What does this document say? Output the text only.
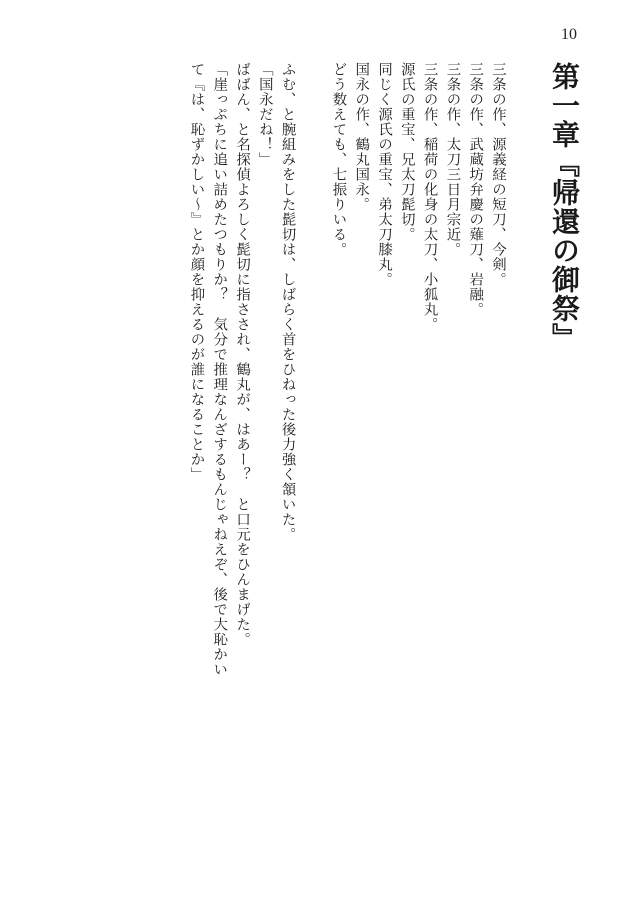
10
第一章『帰還の御祭』
三条の作、源義経の短刀、今剣。
三条の作、武蔵坊弁慶の薙刀、岩融。
三条の作、太刀三日月宗近。
三条の作、稲荷の化身の太刀、小狐丸。
源氏の重宝、兄太刀髭切。
同じく源氏の重宝、弟太刀膝丸。
国永の作、鶴丸国永。
どう数えても、七振りいる。
ふむ、と腕組みをした髭切は、しばらく首をひねった後力強く頷いた。
「国永だね！」
ばばん、と名探偵よろしく髭切に指さされ、鶴丸が、はあー？　と口元をひんまげた。
「崖っぷちに追い詰めたつもりか？　気分で推理なんざするもんじゃねえぞ、後で大恥かい
て『は、恥ずかしい～』とか顔を抑えるのが誰になることか」
